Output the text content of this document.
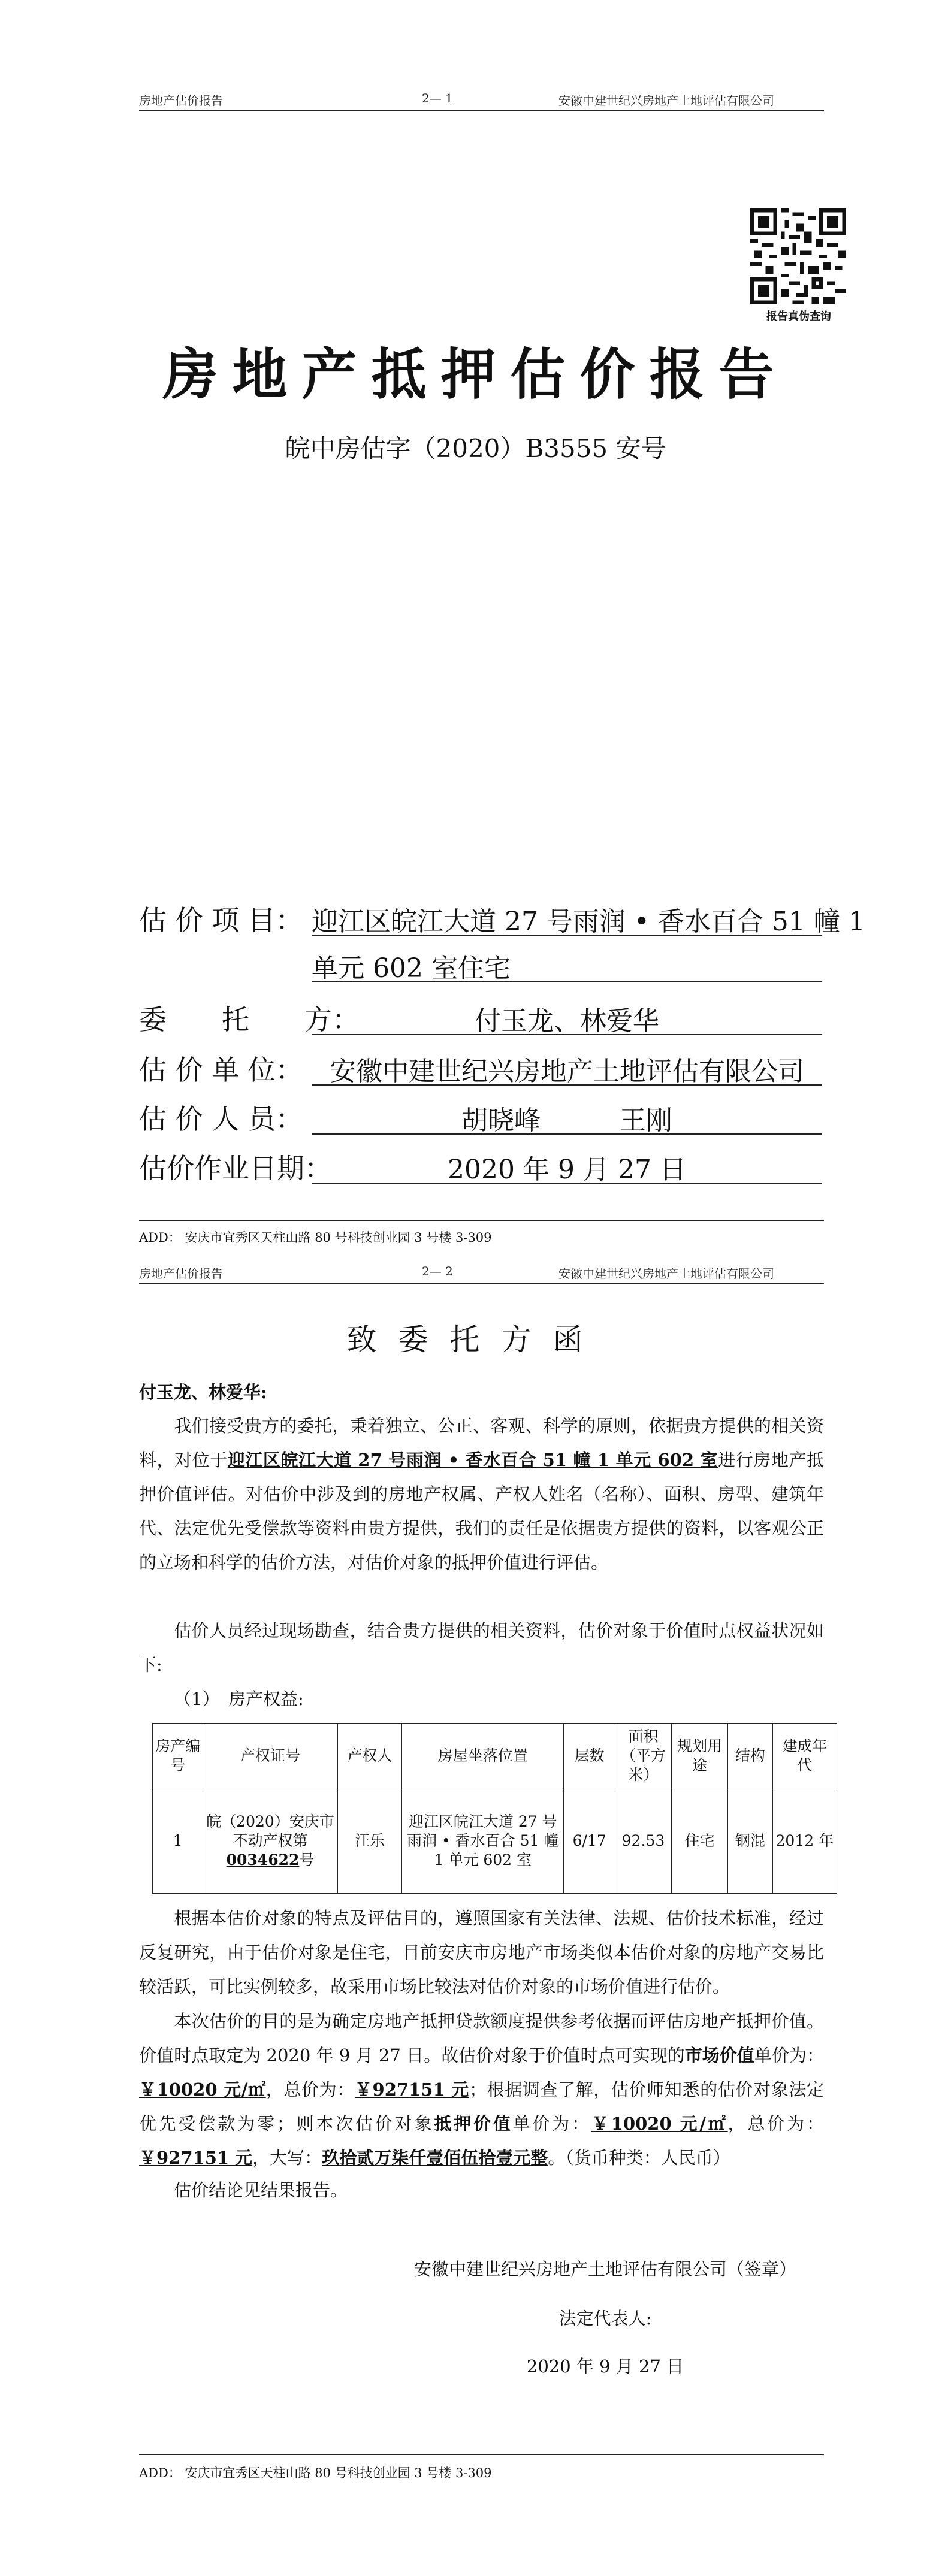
房地产估价报告	2— 1	安徽中建世纪兴房地产土地评估有限公司
报告真伪查询
房地产抵押估价报告
皖中房估字（2020）B3555 安号
估 价 项 目： 迎江区皖江大道 27 号雨润 • 香水百合 51 幢 1
单元 602 室住宅
委　　托　　方：	付玉龙、林爱华
估 价 单 位：	安徽中建世纪兴房地产土地评估有限公司
估 价 人 员：	胡晓峰　　　王刚
估价作业日期：	2020 年 9 月 27 日
ADD： 安庆市宜秀区天柱山路 80 号科技创业园 3 号楼 3-309
房地产估价报告	2— 2	安徽中建世纪兴房地产土地评估有限公司
致委托方函
付玉龙、林爱华:
我们接受贵方的委托，秉着独立、公正、客观、科学的原则，依据贵方提供的相关资料，对位于迎江区皖江大道 27 号雨润 • 香水百合 51 幢 1 单元 602 室进行房地产抵押价值评估。对估价中涉及到的房地产权属、产权人姓名（名称）、面积、房型、建筑年代、法定优先受偿款等资料由贵方提供，我们的责任是依据贵方提供的资料，以客观公正的立场和科学的估价方法，对估价对象的抵押价值进行评估。
估价人员经过现场勘查，结合贵方提供的相关资料，估价对象于价值时点权益状况如下:
（1）　房产权益:
房产编号	产权证号	产权人	房屋坐落位置	层数	面积（平方米）	规划用途	结构	建成年代
1	皖（2020）安庆市不动产权第0034622号	汪乐	迎江区皖江大道 27 号雨润 • 香水百合 51 幢 1 单元 602 室	6/17	92.53	住宅	钢混	2012 年
根据本估价对象的特点及评估目的，遵照国家有关法律、法规、估价技术标准，经过反复研究，由于估价对象是住宅，目前安庆市房地产市场类似本估价对象的房地产交易比较活跃，可比实例较多，故采用市场比较法对估价对象的市场价值进行估价。
本次估价的目的是为确定房地产抵押贷款额度提供参考依据而评估房地产抵押价值。价值时点取定为 2020 年 9 月 27 日。故估价对象于价值时点可实现的市场价值单价为：￥10020 元/㎡，总价为：￥927151 元；根据调查了解，估价师知悉的估价对象法定优先受偿款为零；则本次估价对象抵押价值单价为：￥10020 元/㎡，总价为：￥927151 元，大写：玖拾贰万柒仟壹佰伍拾壹元整。（货币种类：人民币）
估价结论见结果报告。
安徽中建世纪兴房地产土地评估有限公司（签章）
法定代表人:
2020 年 9 月 27 日
ADD： 安庆市宜秀区天柱山路 80 号科技创业园 3 号楼 3-309
